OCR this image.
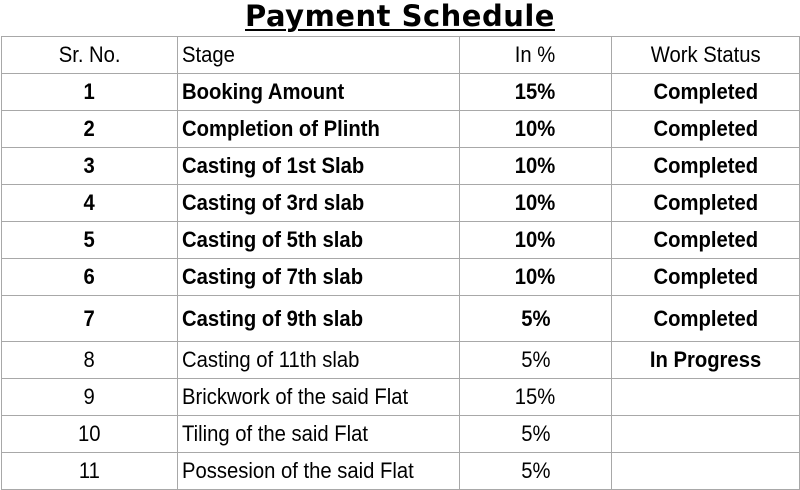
Payment Schedule
Sr. No.	Stage	In %	Work Status
1	Booking Amount	15%	Completed
2	Completion of Plinth	10%	Completed
3	Casting of 1st Slab	10%	Completed
4	Casting of 3rd slab	10%	Completed
5	Casting of 5th slab	10%	Completed
6	Casting of 7th slab	10%	Completed
7	Casting of 9th slab	5%	Completed
8	Casting of 11th slab	5%	In Progress
9	Brickwork of the said Flat	15%	
10	Tiling of the said Flat	5%	
11	Possesion of the said Flat	5%	
